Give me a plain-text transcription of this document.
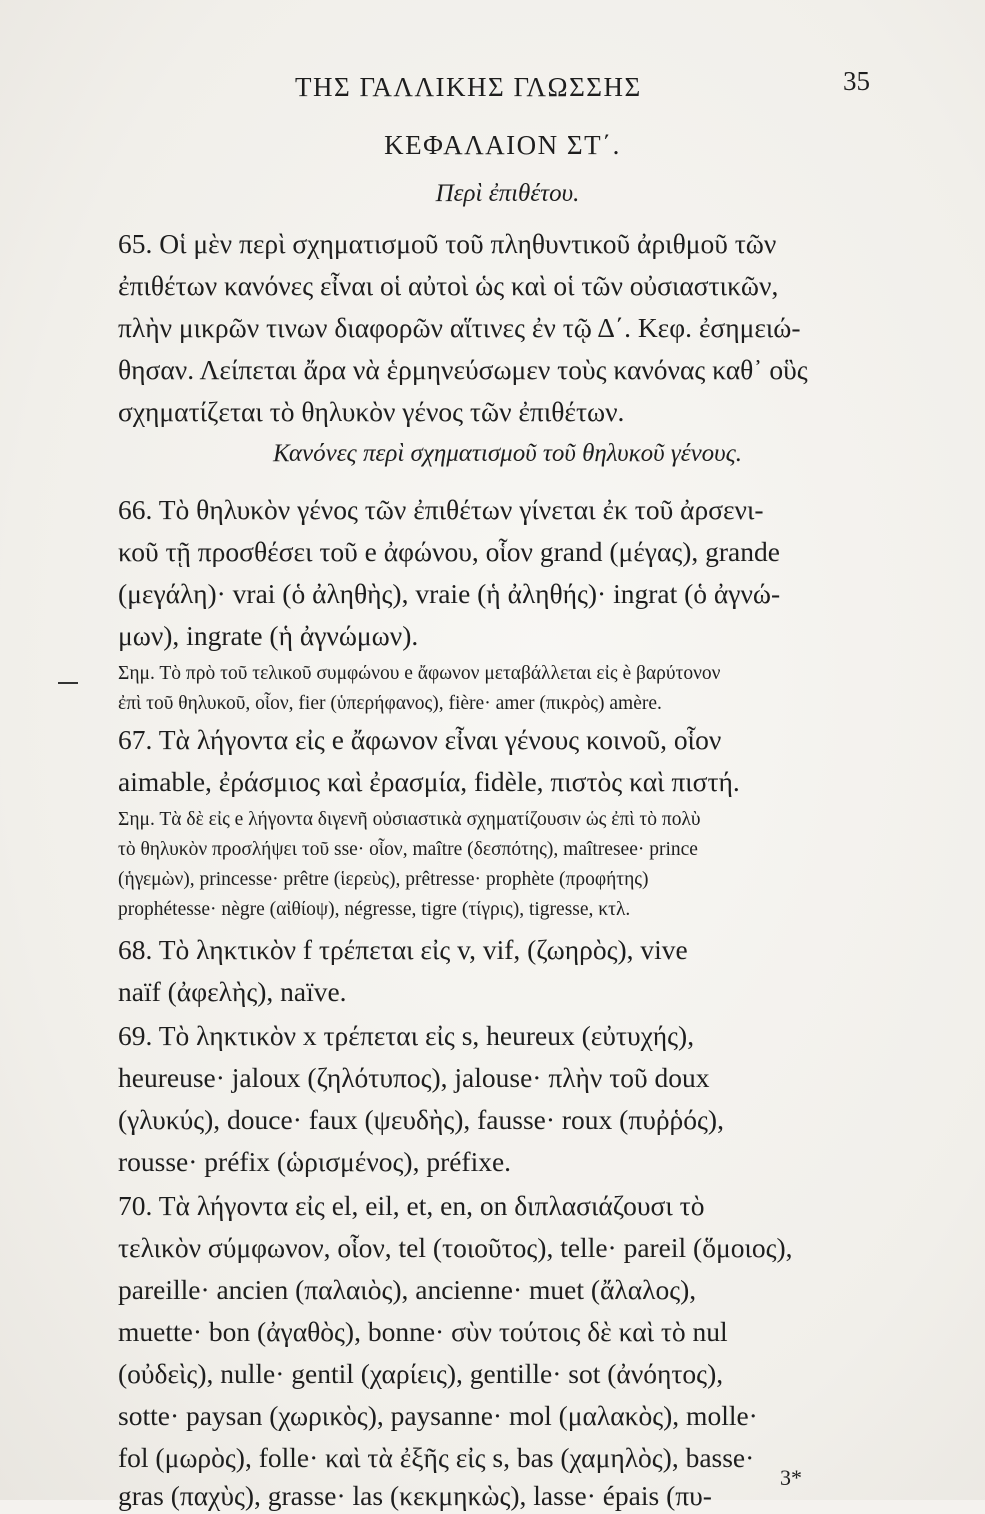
ΤΗΣ ΓΑΛΛΙΚΗΣ ΓΛΩΣΣΗΣ	35
ΚΕΦΑΛΑΙΟΝ ΣΤ΄.
Περὶ ἐπιθέτου.
65. Οἱ μὲν περὶ σχηματισμοῦ τοῦ πληθυντικοῦ ἀριθμοῦ τῶν
ἐπιθέτων κανόνες εἶναι οἱ αὐτοὶ ὡς καὶ οἱ τῶν οὐσιαστικῶν,
πλὴν μικρῶν τινων διαφορῶν αἵτινες ἐν τῷ Δ΄. Κεφ. ἐσημειώ-
θησαν. Λείπεται ἄρα νὰ ἑρμηνεύσωμεν τοὺς κανόνας καθ᾽ οὓς
σχηματίζεται τὸ θηλυκὸν γένος τῶν ἐπιθέτων.
Κανόνες περὶ σχηματισμοῦ τοῦ θηλυκοῦ γένους.
66. Τὸ θηλυκὸν γένος τῶν ἐπιθέτων γίνεται ἐκ τοῦ ἀρσενι-
κοῦ τῇ προσθέσει τοῦ e ἀφώνου, οἷον grand (μέγας), grande
(μεγάλη)· vrai (ὁ ἀληθὴς), vraie (ἡ ἀληθής)· ingrat (ὁ ἀγνώ-
μων), ingrate (ἡ ἀγνώμων).
Σημ. Τὸ πρὸ τοῦ τελικοῦ συμφώνου e ἄφωνον μεταβάλλεται εἰς è βαρύτονον
ἐπὶ τοῦ θηλυκοῦ, οἷον, fier (ὑπερήφανος), fière· amer (πικρὸς) amère.
67. Τὰ λήγοντα εἰς e ἄφωνον εἶναι γένους κοινοῦ, οἷον
aimable, ἐράσμιος καὶ ἐρασμία, fidèle, πιστὸς καὶ πιστή.
Σημ. Τὰ δὲ εἰς e λήγοντα διγενῆ οὐσιαστικὰ σχηματίζουσιν ὡς ἐπὶ τὸ πολὺ
τὸ θηλυκὸν προσλήψει τοῦ sse· οἷον, maître (δεσπότης), maîtresee· prince
(ἡγεμὼν), princesse· prêtre (ἱερεὺς), prêtresse· prophète (προφήτης)
prophétesse· nègre (αἰθίοψ), négresse, tigre (τίγρις), tigresse, κτλ.
68. Τὸ ληκτικὸν f τρέπεται εἰς v, vif, (ζωηρὸς), vive
naïf (ἀφελὴς), naïve.
69. Τὸ ληκτικὸν x τρέπεται εἰς s, heureux (εὐτυχής),
heureuse· jaloux (ζηλότυπος), jalouse· πλὴν τοῦ doux
(γλυκύς), douce· faux (ψευδὴς), fausse· roux (πυῤῥός),
rousse· préfix (ὡρισμένος), préfixe.
70. Τὰ λήγοντα εἰς el, eil, et, en, on διπλασιάζουσι τὸ
τελικὸν σύμφωνον, οἷον, tel (τοιοῦτος), telle· pareil (ὅμοιος),
pareille· ancien (παλαιὸς), ancienne· muet (ἄλαλος),
muette· bon (ἀγαθὸς), bonne· σὺν τούτοις δὲ καὶ τὸ nul
(οὐδεὶς), nulle· gentil (χαρίεις), gentille· sot (ἀνόητος),
sotte· paysan (χωρικὸς), paysanne· mol (μαλακὸς), molle·
fol (μωρὸς), folle· καὶ τὰ ἐξῆς εἰς s, bas (χαμηλὸς), basse·
gras (παχὺς), grasse· las (κεκμηκὼς), lasse· épais (πυ-
3*
